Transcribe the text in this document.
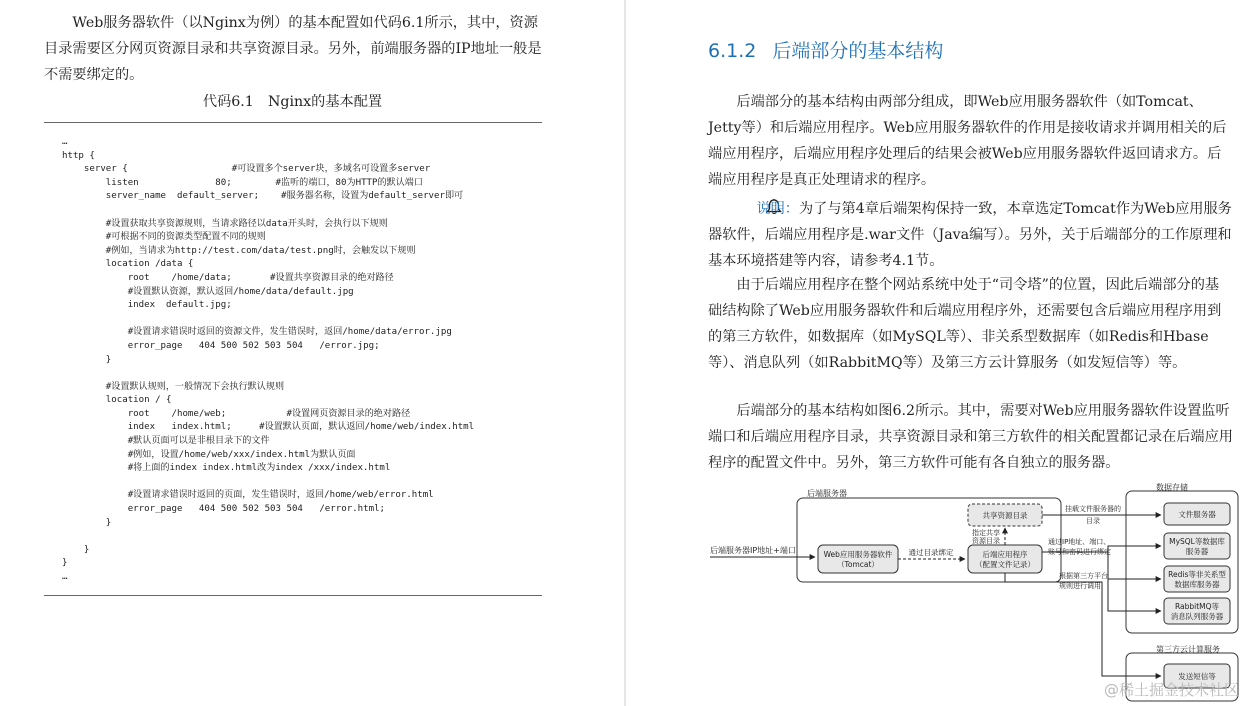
Web服务器软件（以Nginx为例）的基本配置如代码6.1所示，其中，资源目录需要区分网页资源目录和共享资源目录。另外，前端服务器的IP地址一般是不需要绑定的。

代码6.1　Nginx的基本配置
…
http {
server {                   #可设置多个server块，多域名可设置多server
listen              80;        #监听的端口，80为HTTP的默认端口
server_name  default_server;    #服务器名称，设置为default_server即可

#设置获取共享资源规则，当请求路径以data开头时，会执行以下规则
#可根据不同的资源类型配置不同的规则
#例如，当请求为http://test.com/data/test.png时，会触发以下规则
location /data {
root    /home/data;       #设置共享资源目录的绝对路径
#设置默认资源，默认返回/home/data/default.jpg
index  default.jpg;

#设置请求错误时返回的资源文件，发生错误时，返回/home/data/error.jpg
error_page   404 500 502 503 504   /error.jpg;
}

#设置默认规则，一般情况下会执行默认规则
location / {
root    /home/web;           #设置网页资源目录的绝对路径
index   index.html;     #设置默认页面，默认返回/home/web/index.html
#默认页面可以是非根目录下的文件
#例如，设置/home/web/xxx/index.html为默认页面
#将上面的index index.html改为index /xxx/index.html

#设置请求错误时返回的页面，发生错误时，返回/home/web/error.html
error_page   404 500 502 503 504   /error.html;
}

}
}
…
6.1.2 后端部分的基本结构

后端部分的基本结构由两部分组成，即Web应用服务器软件（如Tomcat、Jetty等）和后端应用程序。Web应用服务器软件的作用是接收请求并调用相关的后端应用程序，后端应用程序处理后的结果会被Web应用服务器软件返回请求方。后端应用程序是真正处理请求的程序。

说明：为了与第4章后端架构保持一致，本章选定Tomcat作为Web应用服务器软件，后端应用程序是.war文件（Java编写）。另外，关于后端部分的工作原理和基本环境搭建等内容，请参考4.1节。

由于后端应用程序在整个网站系统中处于“司令塔”的位置，因此后端部分的基础结构除了Web应用服务器软件和后端应用程序外，还需要包含后端应用程序用到的第三方软件，如数据库（如MySQL等）、非关系型数据库（如Redis和Hbase等）、消息队列（如RabbitMQ等）及第三方云计算服务（如发短信等）等。

后端部分的基本结构如图6.2所示。其中，需要对Web应用服务器软件设置监听端口和后端应用程序目录，共享资源目录和第三方软件的相关配置都记录在后端应用程序的配置文件中。另外，第三方软件可能有各自独立的服务器。

后端服务器
数据存储
第三方云计算服务
后端服务器IP地址+端口	Web应用服务器软件
（Tomcat）
通过目录绑定	后端应用程序
（配置文件记录）
共享资源目录
指定共享
资源目录
挂载文件服务器的
目录
文件服务器
MySQL等数据库
服务器
Redis等非关系型
数据库服务器
RabbitMQ等
消息队列服务器
通过IP地址、端口、
账号和密码进行绑定
根据第三方平台
规则进行调用
发送短信等
@稀土掘金技术社区
